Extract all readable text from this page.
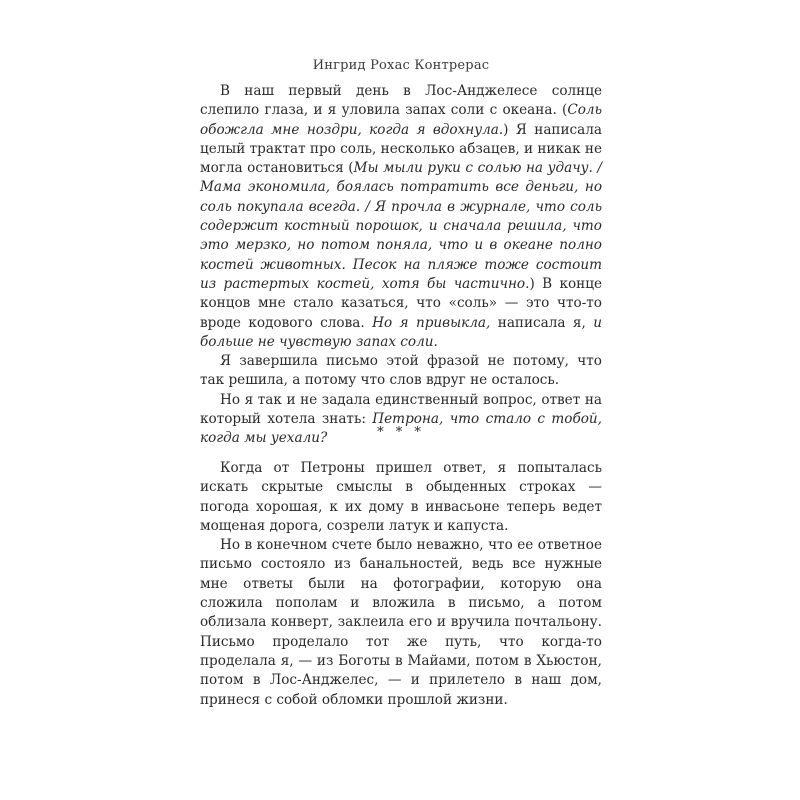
Ингрид Рохас Контрерас

В наш первый день в Лос-Анджелесе солнце слепило глаза, и я уловила запах соли с океана. (Соль обожгла мне ноздри, когда я вдохнула.) Я написала целый трактат про соль, несколько абзацев, и никак не могла остановиться (Мы мыли руки с солью на удачу. / Мама экономила, боялась потратить все деньги, но соль покупала всегда. / Я прочла в журнале, что соль содержит костный порошок, и сначала решила, что это мерзко, но потом поняла, что и в океане полно костей животных. Песок на пляже тоже состоит из растертых костей, хотя бы частично.) В конце концов мне стало казаться, что «соль» — это что-то вроде кодового слова. Но я привыкла, написала я, и больше не чувствую запах соли.

Я завершила письмо этой фразой не потому, что так решила, а потому что слов вдруг не осталось.

Но я так и не задала единственный вопрос, ответ на который хотела знать: Петрона, что стало с тобой, когда мы уехали?	* * *

Когда от Петроны пришел ответ, я попыталась искать скрытые смыслы в обыденных строках — погода хорошая, к их дому в инвасьоне теперь ведет мощеная дорога, созрели латук и капуста.

Но в конечном счете было неважно, что ее ответное письмо состояло из банальностей, ведь все нужные мне ответы были на фотографии, которую она сложила пополам и вложила в письмо, а потом облизала конверт, заклеила его и вручила почтальону. Письмо проделало тот же путь, что когда-то проделала я, — из Боготы в Майами, потом в Хьюстон, потом в Лос-Анджелес, — и прилетело в наш дом, принеся с собой обломки прошлой жизни.
